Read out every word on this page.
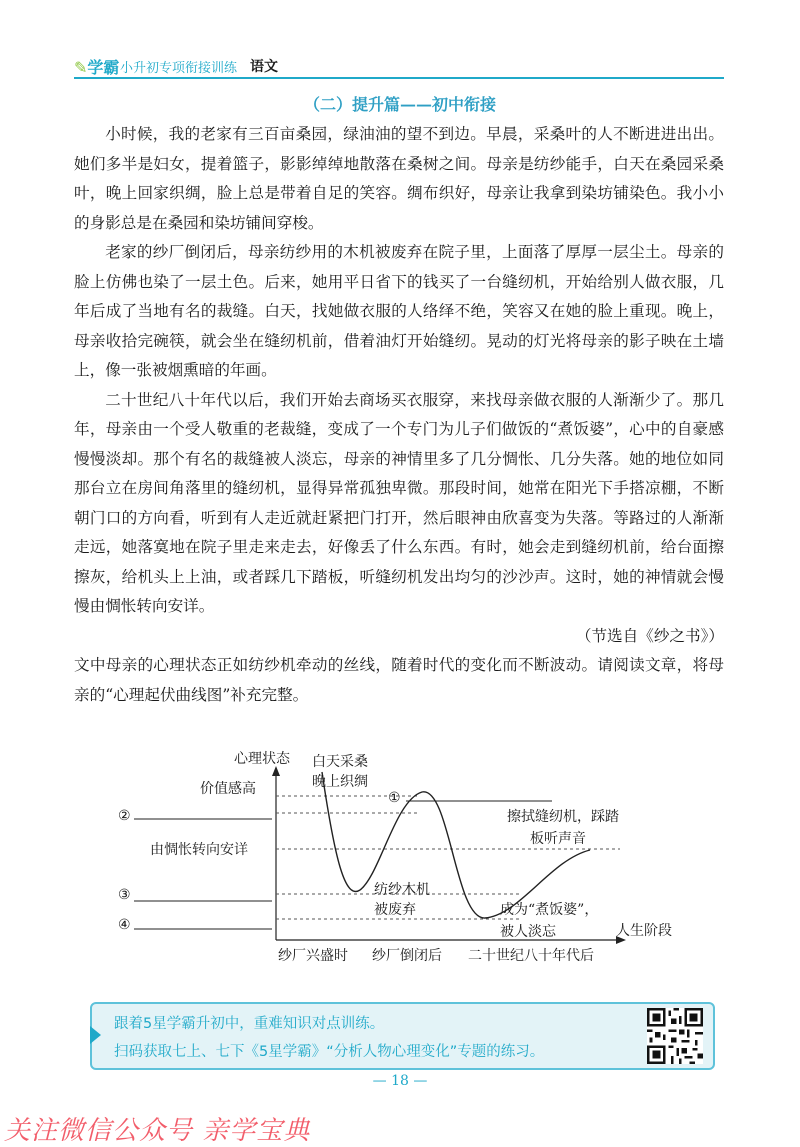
✎学霸 小升初专项衔接训练 语文
（二）提升篇——初中衔接

小时候，我的老家有三百亩桑园，绿油油的望不到边。早晨，采桑叶的人不断进进出出。她们多半是妇女，提着篮子，影影绰绰地散落在桑树之间。母亲是纺纱能手，白天在桑园采桑叶，晚上回家织绸，脸上总是带着自足的笑容。绸布织好，母亲让我拿到染坊铺染色。我小小的身影总是在桑园和染坊铺间穿梭。

老家的纱厂倒闭后，母亲纺纱用的木机被废弃在院子里，上面落了厚厚一层尘土。母亲的脸上仿佛也染了一层土色。后来，她用平日省下的钱买了一台缝纫机，开始给别人做衣服，几年后成了当地有名的裁缝。白天，找她做衣服的人络绎不绝，笑容又在她的脸上重现。晚上，母亲收拾完碗筷，就会坐在缝纫机前，借着油灯开始缝纫。晃动的灯光将母亲的影子映在土墙上，像一张被烟熏暗的年画。

二十世纪八十年代以后，我们开始去商场买衣服穿，来找母亲做衣服的人渐渐少了。那几年，母亲由一个受人敬重的老裁缝，变成了一个专门为儿子们做饭的“煮饭婆”，心中的自豪感慢慢淡却。那个有名的裁缝被人淡忘，母亲的神情里多了几分惆怅、几分失落。她的地位如同那台立在房间角落里的缝纫机，显得异常孤独卑微。那段时间，她常在阳光下手搭凉棚，不断朝门口的方向看，听到有人走近就赶紧把门打开，然后眼神由欣喜变为失落。等路过的人渐渐走远，她落寞地在院子里走来走去，好像丢了什么东西。有时，她会走到缝纫机前，给台面擦擦灰，给机头上上油，或者踩几下踏板，听缝纫机发出均匀的沙沙声。这时，她的神情就会慢慢由惆怅转向安详。

（节选自《纱之书》）

文中母亲的心理状态正如纺纱机牵动的丝线，随着时代的变化而不断波动。请阅读文章，将母亲的“心理起伏曲线图”补充完整。

心理状态
人生阶段
价值感高
②
由惆怅转向安详
③
④
白天采桑
晚上织绸
①
擦拭缝纫机，踩踏
板听声音
纺纱木机
被废弃	成为“煮饭婆”，
被人淡忘
纱厂兴盛时 纱厂倒闭后 二十世纪八十年代后
跟着5星学霸升初中，重难知识对点训练。
扫码获取七上、七下《5星学霸》“分析人物心理变化”专题的练习。
— 18 —
关注微信公众号 亲学宝典
